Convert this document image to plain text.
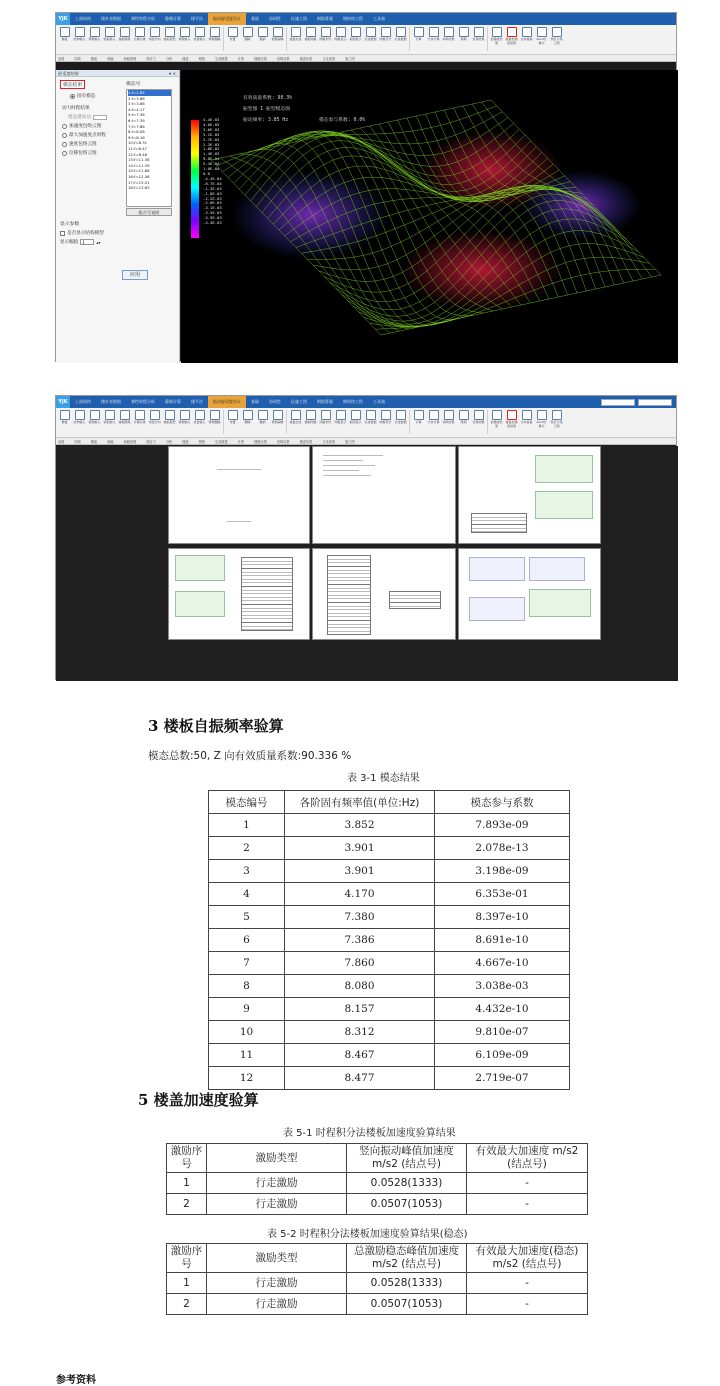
YJK	上部结构	楼补充数据	弹性时程分析	静载计算	楼平法	振动舒适度设计	基础	协同性	砼施工图	钢筋算量	钢结构工程	工具箱
参数 结构输入 荷载输入 梁板输入 楼板隔离 计算区域 布面方向 楼板振型 荷载输入 质量输入 荷载删除	布置	删除	撤销 荷载编辑 楼盖生成 楼板网格 网格划分 网格显示 板网显示 生成数据 网格设计 生成数据	计算 分步计算 频率结果 周期 位移结果 加速度结果
楼盖加速度结果
文本查看	word计算书
预应力施工图
参数	结构	楼板	荷载	荷载管理	预应力	分析	楼盖	网格	生成数据	计算	楼板结果	结构结果	楼盖结果	文本查看	施工图
舒适度结果	▾ ×
模态结果
固有模态
动力时程结果
楼盖叠加法
加速度包络云图
最大加速度点时程
速度包络云图
位移包络云图
模态号
1:f=2.85
2:f=3.86
3:f=3.86
4:f=4.17
5:f=7.38
6:f=7.39
7:f=7.86
8:f=8.08
9:f=8.16
10:f=8.31
11:f=8.47
12:f=8.48
13:f=11.38
14:f=11.39
15:f=11.86
16:f=12.46
17:f=13.01
18:f=13.63
组合号说明
显示参数
是否显示结构模型
显示幅值	1	▴▾
应用
有效质量系数: 90.3%
振型图 1 振型模态图
振动频率: 3.85 Hz	模态参与系数: 0.0%
4.4E-03
4.0E-03
3.6E-03
3.1E-03
2.7E-03
2.3E-03
1.8E-03
1.4E-03
9.8E-04
5.4E-04
1.0E-04
0.0
-4.4E-04
-8.7E-04
-1.3E-03
-1.8E-03
-2.2E-03
-2.6E-03
-3.1E-03
-3.5E-03
-3.9E-03
-4.4E-03
YJK	上部结构	楼补充数据	弹性时程分析	静载计算	楼平法	振动舒适度设计	基础	协同性	砼施工图	钢筋算量	钢结构工程	工具箱
参数 结构输入 荷载输入 梁板输入 楼板隔离 计算区域 布面方向 楼板振型 荷载输入 质量输入 荷载删除	布置	删除	撤销 荷载编辑 楼盖生成 楼板网格 网格划分 网格显示 板网显示 生成数据 网格设计 生成数据	计算 分步计算 频率结果 周期 位移结果 加速度结果
楼盖加速度结果
文本查看	word计算书
预应力施工图
参数	结构	楼板	荷载	荷载管理	预应力	分析	楼盖	网格	生成数据	计算	楼板结果	结构结果	楼盖结果	文本查看	施工图
3 楼板自振频率验算
模态总数:50, Z 向有效质量系数:90.336 %
表 3-1 模态结果
模态编号	各阶固有频率值(单位:Hz)	模态参与系数
1	3.852	7.893e-09
2	3.901	2.078e-13
3	3.901	3.198e-09
4	4.170	6.353e-01
5	7.380	8.397e-10
6	7.386	8.691e-10
7	7.860	4.667e-10
8	8.080	3.038e-03
9	8.157	4.432e-10
10	8.312	9.810e-07
11	8.467	6.109e-09
12	8.477	2.719e-07
5 楼盖加速度验算
表 5-1 时程积分法楼板加速度验算结果
激励序号	激励类型	竖向振动峰值加速度 m/s2 (结点号)	有效最大加速度 m/s2 (结点号)
1	行走激励	0.0528(1333)	-
2	行走激励	0.0507(1053)	-
表 5-2 时程积分法楼板加速度验算结果(稳态)
激励序号	激励类型	总激励稳态峰值加速度 m/s2 (结点号)	有效最大加速度(稳态) m/s2 (结点号)
1	行走激励	0.0528(1333)	-
2	行走激励	0.0507(1053)	-
参考资料
